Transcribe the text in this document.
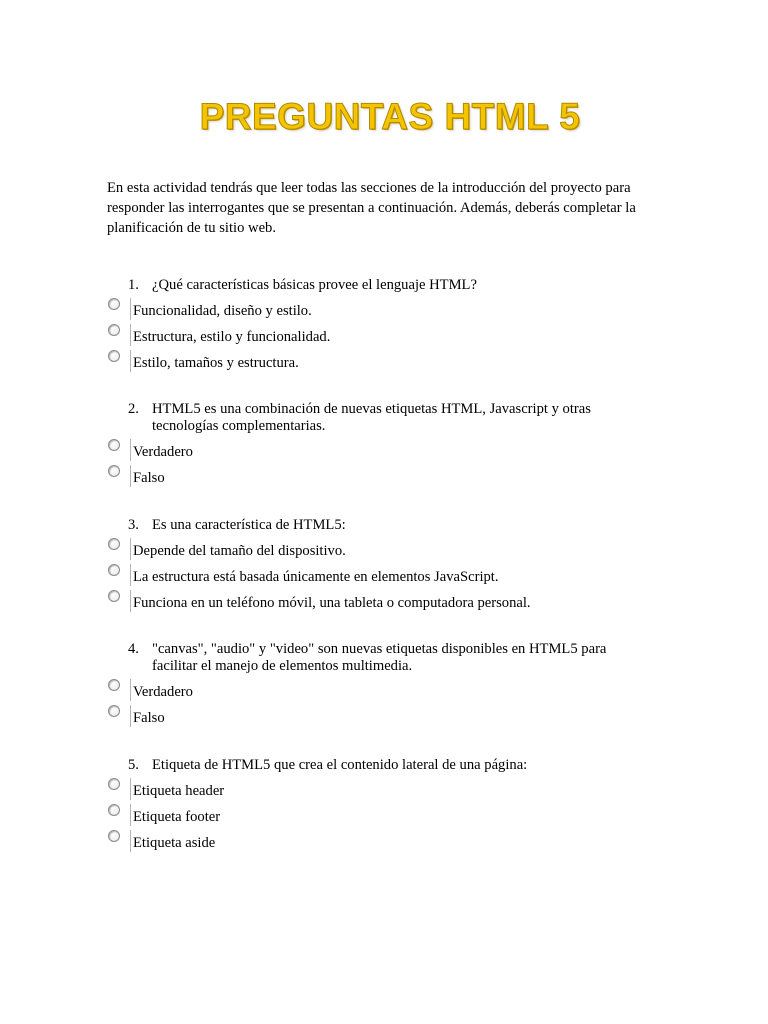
PREGUNTAS HTML 5
En esta actividad tendrás que leer todas las secciones de la introducción del proyecto para responder las interrogantes que se presentan a continuación. Además, deberás completar la planificación de tu sitio web.
1. ¿Qué características básicas provee el lenguaje HTML?
Funcionalidad, diseño y estilo.
Estructura, estilo y funcionalidad.
Estilo, tamaños y estructura.
2. HTML5 es una combinación de nuevas etiquetas HTML, Javascript y otras tecnologías complementarias.
Verdadero
Falso
3. Es una característica de HTML5:
Depende del tamaño del dispositivo.
La estructura está basada únicamente en elementos JavaScript.
Funciona en un teléfono móvil, una tableta o computadora personal.
4. "canvas", "audio" y "video" son nuevas etiquetas disponibles en HTML5 para facilitar el manejo de elementos multimedia.
Verdadero
Falso
5. Etiqueta de HTML5 que crea el contenido lateral de una página:
Etiqueta header
Etiqueta footer
Etiqueta aside
